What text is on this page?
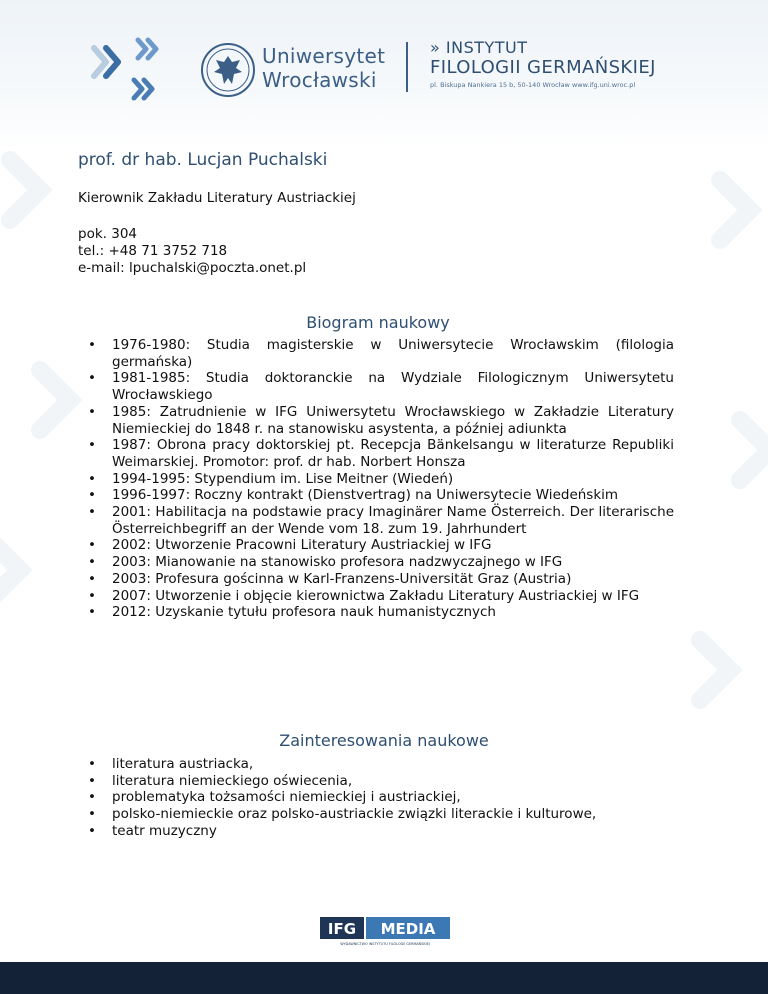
Uniwersytet
Wrocławski
» INSTYTUT
FILOLOGII GERMAŃSKIEJ
pl. Biskupa Nankiera 15 b, 50-140 Wrocław www.ifg.uni.wroc.pl
prof. dr hab. Lucjan Puchalski
Kierownik Zakładu Literatury Austriackiej
pok. 304
tel.: +48 71 3752 718
e-mail: lpuchalski@poczta.onet.pl
Biogram naukowy
• 1976-1980: Studia magisterskie w Uniwersytecie Wrocławskim (filologia germańska)
• 1981-1985: Studia doktoranckie na Wydziale Filologicznym Uniwersytetu Wrocławskiego
• 1985: Zatrudnienie w IFG Uniwersytetu Wrocławskiego w Zakładzie Literatury Niemieckiej do 1848 r. na stanowisku asystenta, a później adiunkta
• 1987: Obrona pracy doktorskiej pt. Recepcja Bänkelsangu w literaturze Republiki Weimarskiej. Promotor: prof. dr hab. Norbert Honsza
• 1994-1995: Stypendium im. Lise Meitner (Wiedeń)
• 1996-1997: Roczny kontrakt (Dienstvertrag) na Uniwersytecie Wiedeńskim
• 2001: Habilitacja na podstawie pracy Imaginärer Name Österreich. Der literarische Österreichbegriff an der Wende vom 18. zum 19. Jahrhundert
• 2002: Utworzenie Pracowni Literatury Austriackiej w IFG
• 2003: Mianowanie na stanowisko profesora nadzwyczajnego w IFG
• 2003: Profesura gościnna w Karl-Franzens-Universität Graz (Austria)
• 2007: Utworzenie i objęcie kierownictwa Zakładu Literatury Austriackiej w IFG
• 2012: Uzyskanie tytułu profesora nauk humanistycznych
Zainteresowania naukowe
• literatura austriacka,
• literatura niemieckiego oświecenia,
• problematyka tożsamości niemieckiej i austriackiej,
• polsko-niemieckie oraz polsko-austriackie związki literackie i kulturowe,
• teatr muzyczny
IFG MEDIA
WYDAWNICTWO INSTYTUTU FILOLOGII GERMAŃSKIEJ
